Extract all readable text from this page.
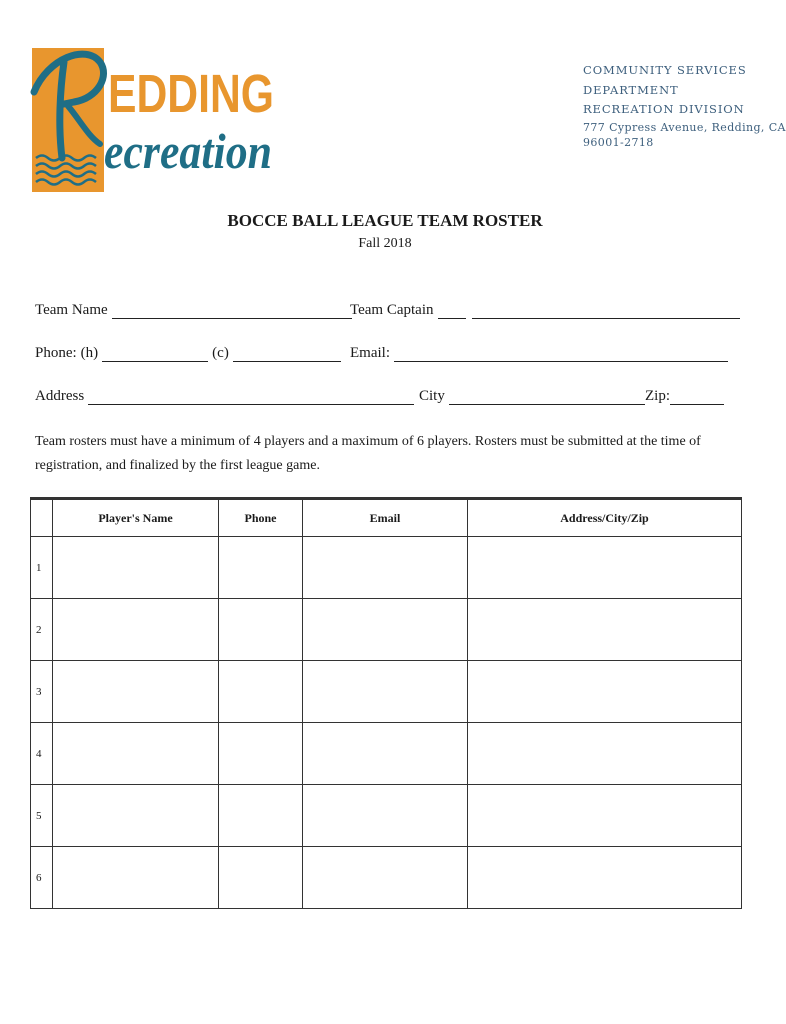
EDDING
ecreation
COMMUNITY SERVICES
DEPARTMENT
RECREATION DIVISION
777 Cypress Avenue, Redding, CA
96001-2718
BOCCE BALL LEAGUE TEAM ROSTER
Fall 2018
Team Name	Team Captain
Phone: (h)	(c)	Email:
Address	City	Zip:
Team rosters must have a minimum of 4 players and a maximum of 6 players. Rosters must be submitted at the time of registration, and finalized by the first league game.
	Player's Name	Phone	Email	Address/City/Zip
1				
2				
3				
4				
5				
6				
